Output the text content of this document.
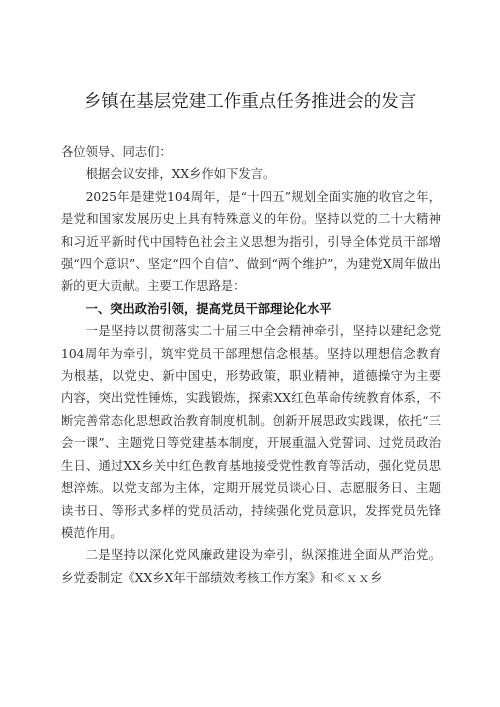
乡镇在基层党建工作重点任务推进会的发言

各位领导、同志们：

根据会议安排，XX乡作如下发言。

2025年是建党104周年，是“十四五”规划全面实施的收官之年，是党和国家发展历史上具有特殊意义的年份。坚持以党的二十大精神和习近平新时代中国特色社会主义思想为指引，引导全体党员干部增强“四个意识”、坚定“四个自信”、做到“两个维护”，为建党X周年做出新的更大贡献。主要工作思路是：

一、突出政治引领，提高党员干部理论化水平

一是坚持以贯彻落实二十届三中全会精神牵引，坚持以建纪念党104周年为牵引，筑牢党员干部理想信念根基。坚持以理想信念教育为根基，以党史、新中国史，形势政策，职业精神，道德操守为主要内容，突出党性锤炼，实践锻炼，探索XX红色革命传统教育体系，不断完善常态化思想政治教育制度机制。创新开展思政实践课，依托“三会一课”、主题党日等党建基本制度，开展重温入党誓词、过党员政治生日、通过XX乡关中红色教育基地接受党性教育等活动，强化党员思想淬炼。以党支部为主体，定期开展党员谈心日、志愿服务日、主题读书日、等形式多样的党员活动，持续强化党员意识，发挥党员先锋模范作用。

二是坚持以深化党风廉政建设为牵引，纵深推进全面从严治党。乡党委制定《XX乡X年干部绩效考核工作方案》和≪ｘｘ乡
